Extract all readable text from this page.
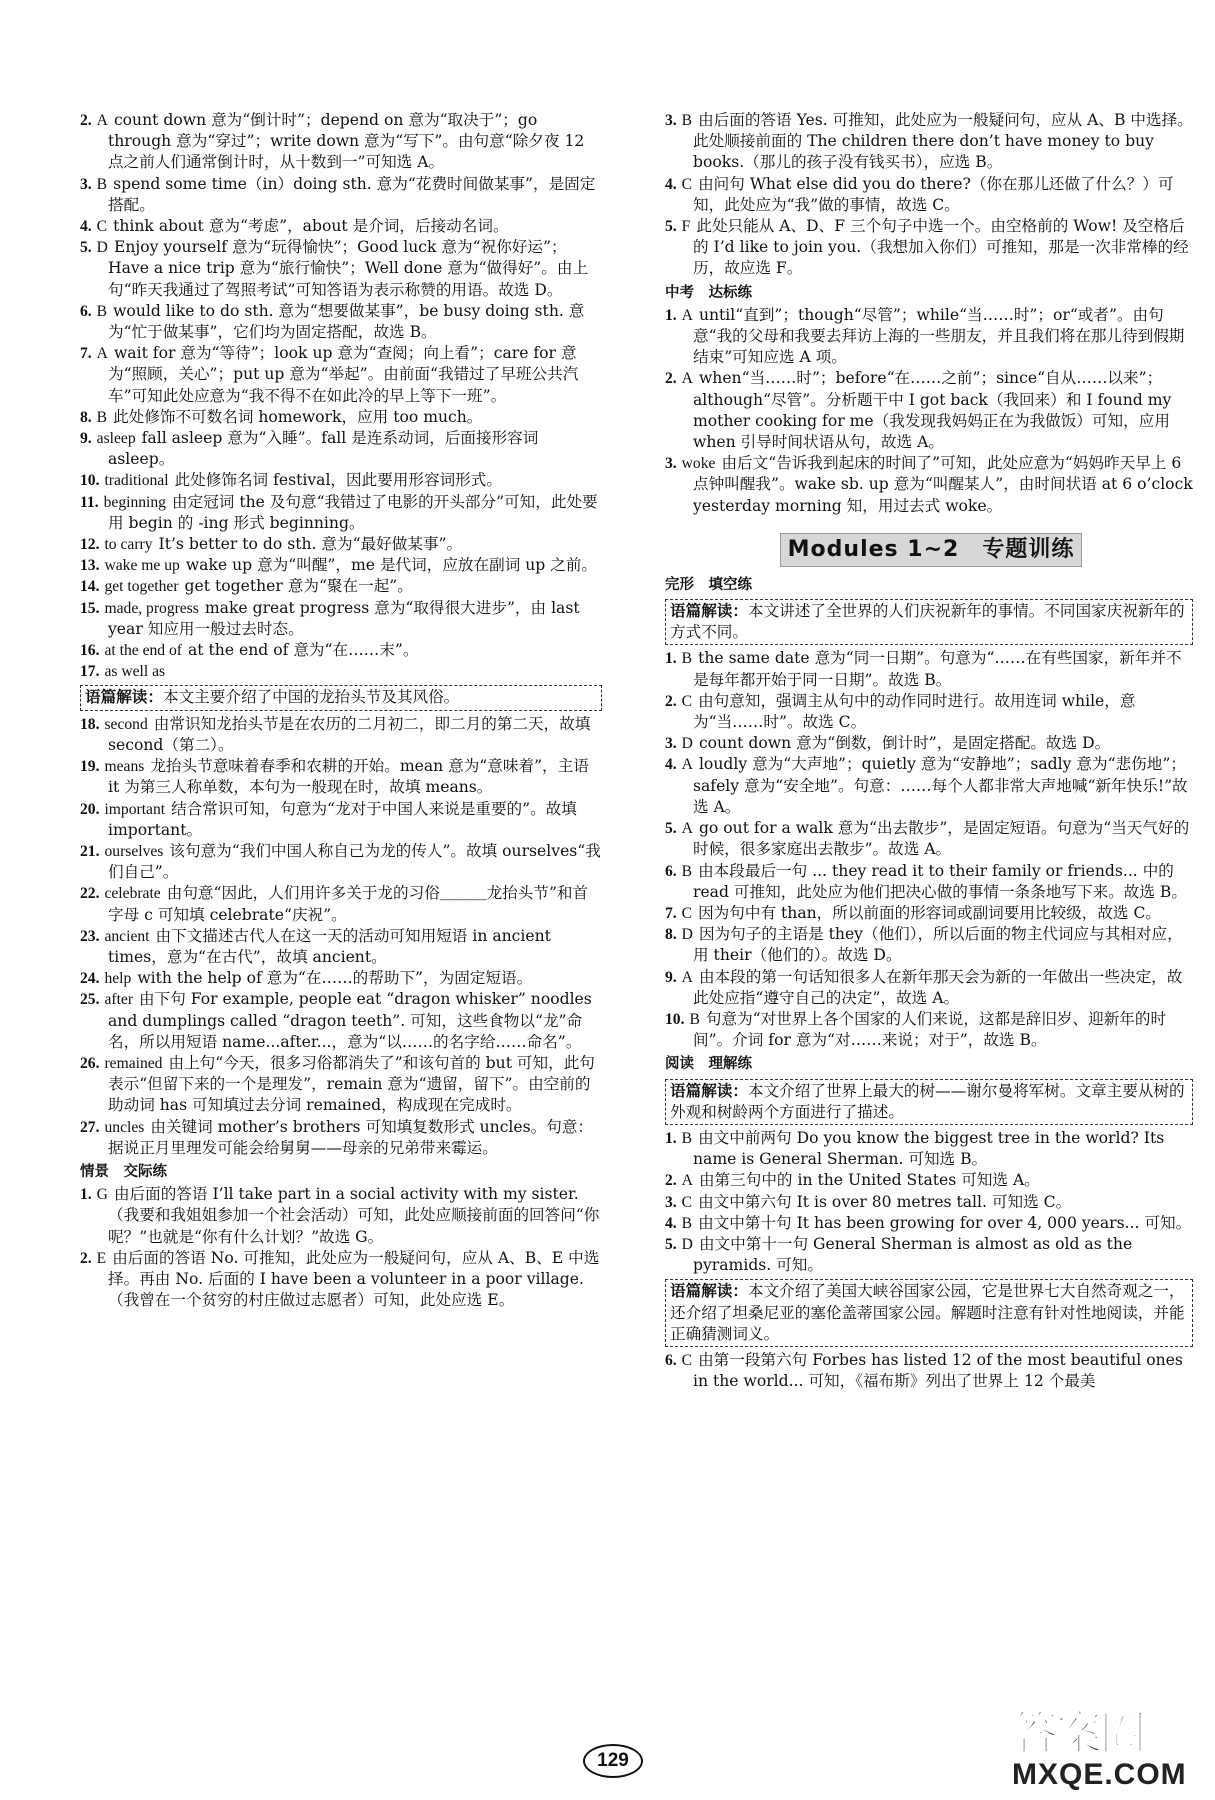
2. A count down 意为“倒计时”；depend on 意为“取决于”；go through 意为“穿过”；write down 意为“写下”。由句意“除夕夜 12 点之前人们通常倒计时，从十数到一”可知选 A。

3. B spend some time（in）doing sth. 意为“花费时间做某事”，是固定搭配。

4. C think about 意为“考虑”，about 是介词，后接动名词。

5. D Enjoy yourself 意为“玩得愉快”；Good luck 意为“祝你好运”；Have a nice trip 意为“旅行愉快”；Well done 意为“做得好”。由上句“昨天我通过了驾照考试”可知答语为表示称赞的用语。故选 D。

6. B would like to do sth. 意为“想要做某事”，be busy doing sth. 意为“忙于做某事”，它们均为固定搭配，故选 B。

7. A wait for 意为“等待”；look up 意为“查阅；向上看”；care for 意为“照顾，关心”；put up 意为“举起”。由前面“我错过了早班公共汽车”可知此处应意为“我不得不在如此冷的早上等下一班”。

8. B 此处修饰不可数名词 homework，应用 too much。

9. asleep fall asleep 意为“入睡”。fall 是连系动词，后面接形容词 asleep。

10. traditional 此处修饰名词 festival，因此要用形容词形式。

11. beginning 由定冠词 the 及句意“我错过了电影的开头部分”可知，此处要用 begin 的 -ing 形式 beginning。

12. to carry It’s better to do sth. 意为“最好做某事”。

13. wake me up wake up 意为“叫醒”，me 是代词，应放在副词 up 之前。

14. get together get together 意为“聚在一起”。

15. made, progress make great progress 意为“取得很大进步”，由 last year 知应用一般过去时态。

16. at the end of at the end of 意为“在……末”。

17. as well as

语篇解读：本文主要介绍了中国的龙抬头节及其风俗。

18. second 由常识知龙抬头节是在农历的二月初二，即二月的第二天，故填 second（第二）。

19. means 龙抬头节意味着春季和农耕的开始。mean 意为“意味着”，主语 it 为第三人称单数，本句为一般现在时，故填 means。

20. important 结合常识可知，句意为“龙对于中国人来说是重要的”。故填 important。

21. ourselves 该句意为“我们中国人称自己为龙的传人”。故填 ourselves“我们自己”。

22. celebrate 由句意“因此，人们用许多关于龙的习俗＿＿＿龙抬头节”和首字母 c 可知填 celebrate“庆祝”。

23. ancient 由下文描述古代人在这一天的活动可知用短语 in ancient times，意为“在古代”，故填 ancient。

24. help with the help of 意为“在……的帮助下”，为固定短语。

25. after 由下句 For example, people eat “dragon whisker” noodles and dumplings called “dragon teeth”. 可知，这些食物以“龙”命名，所以用短语 name...after...，意为“以……的名字给……命名”。

26. remained 由上句“今天，很多习俗都消失了”和该句首的 but 可知，此句表示“但留下来的一个是理发”，remain 意为“遗留，留下”。由空前的助动词 has 可知填过去分词 remained，构成现在完成时。

27. uncles 由关键词 mother’s brothers 可知填复数形式 uncles。句意：据说正月里理发可能会给舅舅——母亲的兄弟带来霉运。

情景　交际练

1. G 由后面的答语 I’ll take part in a social activity with my sister.（我要和我姐姐参加一个社会活动）可知，此处应顺接前面的回答问“你呢？”也就是“你有什么计划？”故选 G。

2. E 由后面的答语 No. 可推知，此处应为一般疑问句，应从 A、B、E 中选择。再由 No. 后面的 I have been a volunteer in a poor village.（我曾在一个贫穷的村庄做过志愿者）可知，此处应选 E。

3. B 由后面的答语 Yes. 可推知，此处应为一般疑问句，应从 A、B 中选择。此处顺接前面的 The children there don’t have money to buy books.（那儿的孩子没有钱买书），应选 B。

4. C 由问句 What else did you do there?（你在那儿还做了什么？）可知，此处应为“我”做的事情，故选 C。

5. F 此处只能从 A、D、F 三个句子中选一个。由空格前的 Wow! 及空格后的 I’d like to join you.（我想加入你们）可推知，那是一次非常棒的经历，故应选 F。

中考　达标练

1. A until“直到”；though“尽管”；while“当……时”；or“或者”。由句意“我的父母和我要去拜访上海的一些朋友，并且我们将在那儿待到假期结束”可知应选 A 项。

2. A when“当……时”；before“在……之前”；since“自从……以来”；although“尽管”。分析题干中 I got back（我回来）和 I found my mother cooking for me（我发现我妈妈正在为我做饭）可知，应用 when 引导时间状语从句，故选 A。

3. woke 由后文“告诉我到起床的时间了”可知，此处应意为“妈妈昨天早上 6 点钟叫醒我”。wake sb. up 意为“叫醒某人”，由时间状语 at 6 o’clock yesterday morning 知，用过去式 woke。

Modules 1~2　专题训练
完形　填空练
语篇解读：本文讲述了全世界的人们庆祝新年的事情。不同国家庆祝新年的方式不同。

1. B the same date 意为“同一日期”。句意为“……在有些国家，新年并不是每年都开始于同一日期”。故选 B。

2. C 由句意知，强调主从句中的动作同时进行。故用连词 while，意为“当……时”。故选 C。

3. D count down 意为“倒数，倒计时”，是固定搭配。故选 D。

4. A loudly 意为“大声地”；quietly 意为“安静地”；sadly 意为“悲伤地”；safely 意为“安全地”。句意：……每个人都非常大声地喊“新年快乐!”故选 A。

5. A go out for a walk 意为“出去散步”，是固定短语。句意为“当天气好的时候，很多家庭出去散步”。故选 A。

6. B 由本段最后一句 ... they read it to their family or friends... 中的 read 可推知，此处应为他们把决心做的事情一条条地写下来。故选 B。

7. C 因为句中有 than，所以前面的形容词或副词要用比较级，故选 C。

8. D 因为句子的主语是 they（他们），所以后面的物主代词应与其相对应，用 their（他们的）。故选 D。

9. A 由本段的第一句话知很多人在新年那天会为新的一年做出一些决定，故此处应指“遵守自己的决定”，故选 A。

10. B 句意为“对世界上各个国家的人们来说，这都是辞旧岁、迎新年的时间”。介词 for 意为“对……来说；对于”，故选 B。

阅读　理解练
语篇解读：本文介绍了世界上最大的树——谢尔曼将军树。文章主要从树的外观和树龄两个方面进行了描述。

1. B 由文中前两句 Do you know the biggest tree in the world? Its name is General Sherman. 可知选 B。

2. A 由第三句中的 in the United States 可知选 A。

3. C 由文中第六句 It is over 80 metres tall. 可知选 C。

4. B 由文中第十句 It has been growing for over 4, 000 years... 可知。

5. D 由文中第十一句 General Sherman is almost as old as the pyramids. 可知。

语篇解读：本文介绍了美国大峡谷国家公园，它是世界七大自然奇观之一，还介绍了坦桑尼亚的塞伦盖蒂国家公园。解题时注意有针对性地阅读，并能正确猜测词义。

6. C 由第一段第六句 Forbes has listed 12 of the most beautiful ones in the world... 可知，《福布斯》列出了世界上 12 个最美

129
答案圈
MXQE.COM
